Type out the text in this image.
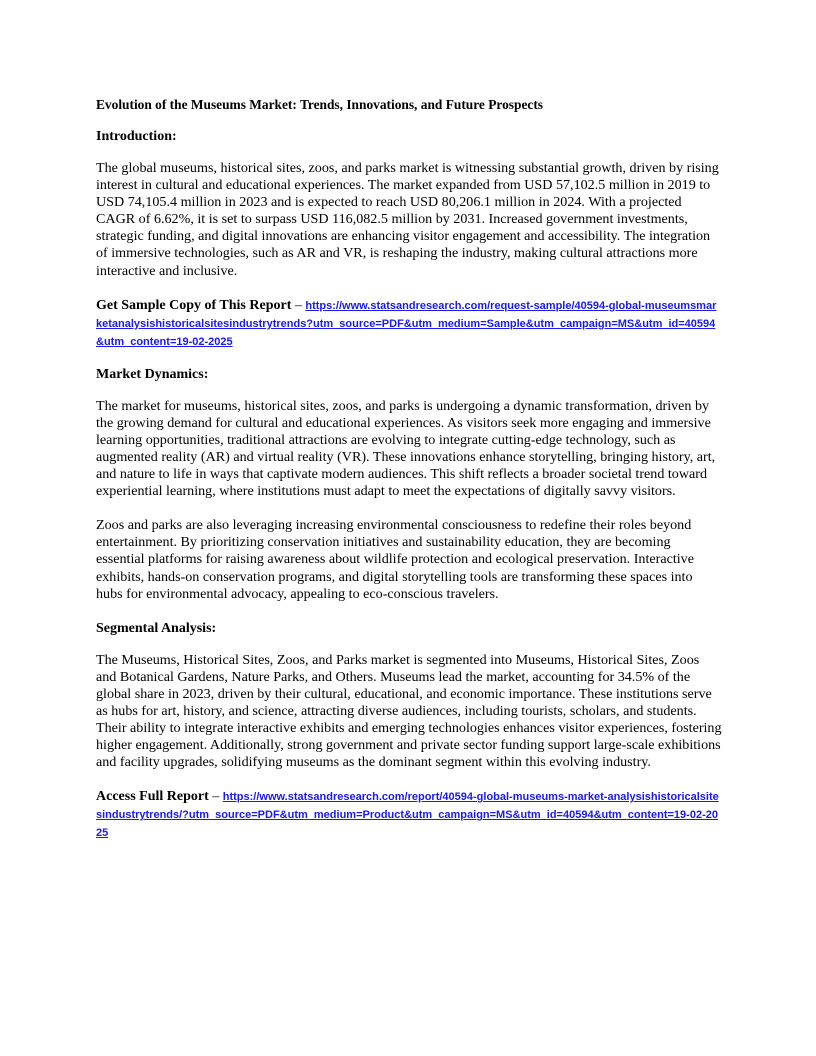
Evolution of the Museums Market: Trends, Innovations, and Future Prospects
Introduction:

The global museums, historical sites, zoos, and parks market is witnessing substantial growth, driven by rising interest in cultural and educational experiences. The market expanded from USD 57,102.5 million in 2019 to USD 74,105.4 million in 2023 and is expected to reach USD 80,206.1 million in 2024. With a projected CAGR of 6.62%, it is set to surpass USD 116,082.5 million by 2031. Increased government investments, strategic funding, and digital innovations are enhancing visitor engagement and accessibility. The integration of immersive technologies, such as AR and VR, is reshaping the industry, making cultural attractions more interactive and inclusive.

Get Sample Copy of This Report – https://www.statsandresearch.com/request-sample/40594-global-museumsmarketanalysishistoricalsitesindustrytrends?utm_source=PDF&utm_medium=Sample&utm_campaign=MS&utm_id=40594&utm_content=19-02-2025
Market Dynamics:

The market for museums, historical sites, zoos, and parks is undergoing a dynamic transformation, driven by the growing demand for cultural and educational experiences. As visitors seek more engaging and immersive learning opportunities, traditional attractions are evolving to integrate cutting-edge technology, such as augmented reality (AR) and virtual reality (VR). These innovations enhance storytelling, bringing history, art, and nature to life in ways that captivate modern audiences. This shift reflects a broader societal trend toward experiential learning, where institutions must adapt to meet the expectations of digitally savvy visitors.

Zoos and parks are also leveraging increasing environmental consciousness to redefine their roles beyond entertainment. By prioritizing conservation initiatives and sustainability education, they are becoming essential platforms for raising awareness about wildlife protection and ecological preservation. Interactive exhibits, hands-on conservation programs, and digital storytelling tools are transforming these spaces into hubs for environmental advocacy, appealing to eco-conscious travelers.

Segmental Analysis:

The Museums, Historical Sites, Zoos, and Parks market is segmented into Museums, Historical Sites, Zoos and Botanical Gardens, Nature Parks, and Others. Museums lead the market, accounting for 34.5% of the global share in 2023, driven by their cultural, educational, and economic importance. These institutions serve as hubs for art, history, and science, attracting diverse audiences, including tourists, scholars, and students. Their ability to integrate interactive exhibits and emerging technologies enhances visitor experiences, fostering higher engagement. Additionally, strong government and private sector funding support large-scale exhibitions and facility upgrades, solidifying museums as the dominant segment within this evolving industry.

Access Full Report – https://www.statsandresearch.com/report/40594-global-museums-market-analysishistoricalsitesindustrytrends/?utm_source=PDF&utm_medium=Product&utm_campaign=MS&utm_id=40594&utm_content=19-02-2025
